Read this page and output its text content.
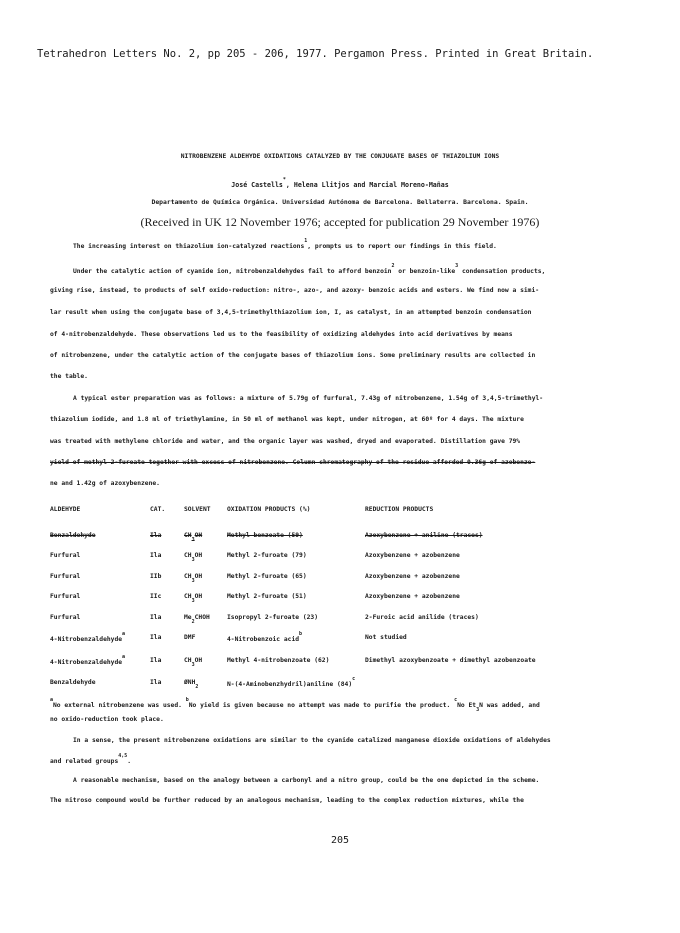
Tetrahedron Letters No. 2, pp 205 - 206, 1977. Pergamon Press. Printed in Great Britain.
NITROBENZENE ALDEHYDE OXIDATIONS CATALYZED BY THE CONJUGATE BASES OF THIAZOLIUM IONS
José Castells*, Helena Llitjos and Marcial Moreno-Mañas
Departamento de Química Orgánica. Universidad Autónoma de Barcelona. Bellaterra. Barcelona. Spain.
(Received in UK 12 November 1976; accepted for publication 29 November 1976)
The increasing interest on thiazolium ion-catalyzed reactions$^1$, prompts us to report our findings in this field.
Under the catalytic action of cyanide ion, nitrobenzaldehydes fail to afford benzoin$^2$ or benzoin-like$^3$ condensation products,
giving rise, instead, to products of self oxido-reduction: nitro-, azo-, and azoxy- benzoic acids and esters. We find now a simi-
lar result when using the conjugate base of 3,4,5-trimethylthiazolium ion, I, as catalyst, in an attempted benzoin condensation
of 4-nitrobenzaldehyde. These observations led us to the feasibility of oxidizing aldehydes into acid derivatives by means
of nitrobenzene, under the catalytic action of the conjugate bases of thiazolium ions. Some preliminary results are collected in
the table.
A typical ester preparation was as follows: a mixture of 5.79g of furfural, 7.43g of nitrobenzene, 1.54g of 3,4,5-trimethyl-
thiazolium iodide, and 1.8 ml of triethylamine, in 50 ml of methanol was kept, under nitrogen, at 60º for 4 days. The mixture
was treated with methylene chloride and water, and the organic layer was washed, dryed and evaporated. Distillation gave 79%
yield of methyl 2-furoate together with excess of nitrobenzene. Column chromatography of the residue afforded 0.36g of azobenze-
ne and 1.42g of azoxybenzene.
ALDEHYDE	CAT.	SOLVENT	OXIDATION PRODUCTS (%)	REDUCTION PRODUCTS
Benzaldehyde	Ila	$CH_3OH$	Methyl benzoate (59)	Azoxybenzene + aniline (traces)
Furfural	Ila	$CH_3OH$	Methyl 2-furoate (79)	Azoxybenzene + azobenzene
Furfural	IIb	$CH_3OH$	Methyl 2-furoate (65)	Azoxybenzene + azobenzene
Furfural	IIc	$CH_3OH$	Methyl 2-furoate (51)	Azoxybenzene + azobenzene
Furfural	Ila	$Me_2CHOH$	Isopropyl 2-furoate (23)	2-Furoic acid anilide (traces)
4-Nitrobenzaldehyde$^a$	Ila	DMF	4-Nitrobenzoic acid$^b$	Not studied
4-Nitrobenzaldehyde$^a$	Ila	$CH_3OH$	Methyl 4-nitrobenzoate (62)	Dimethyl azoxybenzoate + dimethyl azobenzoate
Benzaldehyde	Ila	$ØNH_2$	N-(4-Aminobenzhydril)aniline $(84)^c$
$^a$No external nitrobenzene was used. $^b$No yield is given because no attempt was made to purifie the product. $^c$No $Et_3N$ was added, and
no oxido-reduction took place.
In a sense, the present nitrobenzene oxidations are similar to the cyanide catalized manganese dioxide oxidations of aldehydes
and related groups$^{4,5}$.
A reasonable mechanism, based on the analogy between a carbonyl and a nitro group, could be the one depicted in the scheme.
The nitroso compound would be further reduced by an analogous mechanism, leading to the complex reduction mixtures, while the
205
